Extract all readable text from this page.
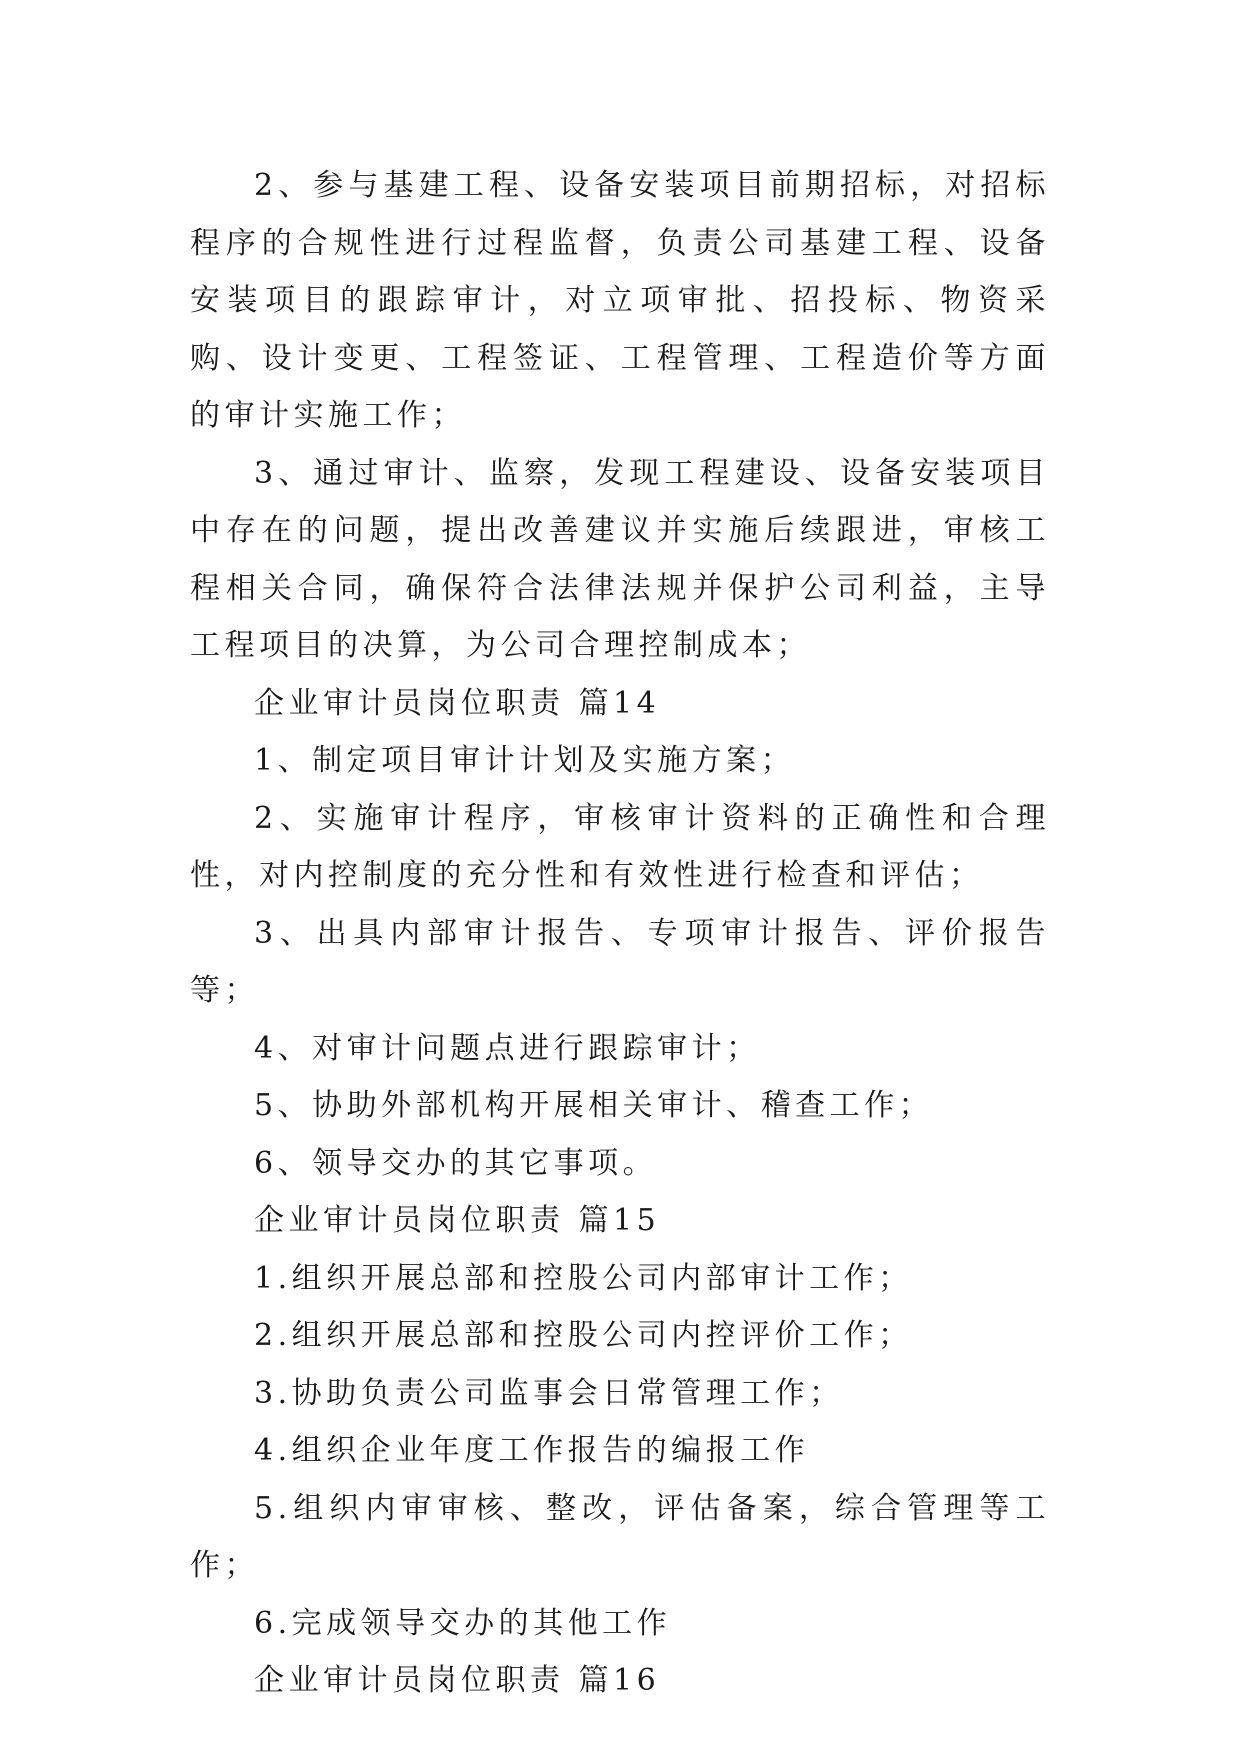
2、参与基建工程、设备安装项目前期招标，对招标程序的合规性进行过程监督，负责公司基建工程、设备安装项目的跟踪审计，对立项审批、招投标、物资采购、设计变更、工程签证、工程管理、工程造价等方面的审计实施工作；

3、通过审计、监察，发现工程建设、设备安装项目中存在的问题，提出改善建议并实施后续跟进，审核工程相关合同，确保符合法律法规并保护公司利益，主导工程项目的决算，为公司合理控制成本；

企业审计员岗位职责 篇14

1、制定项目审计计划及实施方案；

2、实施审计程序，审核审计资料的正确性和合理性，对内控制度的充分性和有效性进行检查和评估；

3、出具内部审计报告、专项审计报告、评价报告等；

4、对审计问题点进行跟踪审计；

5、协助外部机构开展相关审计、稽查工作；

6、领导交办的其它事项。

企业审计员岗位职责 篇15

1.组织开展总部和控股公司内部审计工作；

2.组织开展总部和控股公司内控评价工作；

3.协助负责公司监事会日常管理工作；

4.组织企业年度工作报告的编报工作

5.组织内审审核、整改，评估备案，综合管理等工作；

6.完成领导交办的其他工作

企业审计员岗位职责 篇16
